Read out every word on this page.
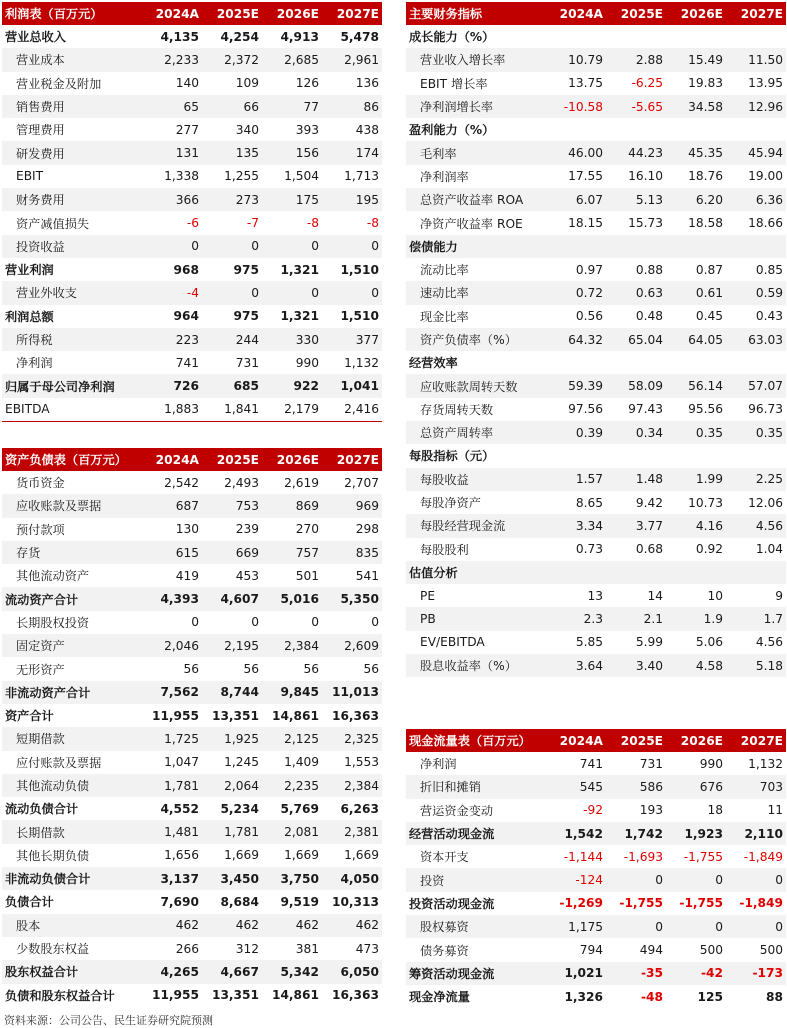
利润表（百万元）	2024A	2025E	2026E	2027E
营业总收入	4,135	4,254	4,913	5,478
营业成本	2,233	2,372	2,685	2,961
营业税金及附加	140	109	126	136
销售费用	65	66	77	86
管理费用	277	340	393	438
研发费用	131	135	156	174
EBIT	1,338	1,255	1,504	1,713
财务费用	366	273	175	195
资产减值损失	-6	-7	-8	-8
投资收益	0	0	0	0
营业利润	968	975	1,321	1,510
营业外收支	-4	0	0	0
利润总额	964	975	1,321	1,510
所得税	223	244	330	377
净利润	741	731	990	1,132
归属于母公司净利润	726	685	922	1,041
EBITDA	1,883	1,841	2,179	2,416
主要财务指标	2024A	2025E	2026E	2027E
成长能力（%）				
营业收入增长率	10.79	2.88	15.49	11.50
EBIT 增长率	13.75	-6.25	19.83	13.95
净利润增长率	-10.58	-5.65	34.58	12.96
盈利能力（%）				
毛利率	46.00	44.23	45.35	45.94
净利润率	17.55	16.10	18.76	19.00
总资产收益率 ROA	6.07	5.13	6.20	6.36
净资产收益率 ROE	18.15	15.73	18.58	18.66
偿债能力				
流动比率	0.97	0.88	0.87	0.85
速动比率	0.72	0.63	0.61	0.59
现金比率	0.56	0.48	0.45	0.43
资产负债率（%）	64.32	65.04	64.05	63.03
经营效率				
应收账款周转天数	59.39	58.09	56.14	57.07
存货周转天数	97.56	97.43	95.56	96.73
总资产周转率	0.39	0.34	0.35	0.35
每股指标（元）				
每股收益	1.57	1.48	1.99	2.25
每股净资产	8.65	9.42	10.73	12.06
每股经营现金流	3.34	3.77	4.16	4.56
每股股利	0.73	0.68	0.92	1.04
估值分析				
PE	13	14	10	9
PB	2.3	2.1	1.9	1.7
EV/EBITDA	5.85	5.99	5.06	4.56
股息收益率（%）	3.64	3.40	4.58	5.18
资产负债表（百万元）	2024A	2025E	2026E	2027E
货币资金	2,542	2,493	2,619	2,707
应收账款及票据	687	753	869	969
预付款项	130	239	270	298
存货	615	669	757	835
其他流动资产	419	453	501	541
流动资产合计	4,393	4,607	5,016	5,350
长期股权投资	0	0	0	0
固定资产	2,046	2,195	2,384	2,609
无形资产	56	56	56	56
非流动资产合计	7,562	8,744	9,845	11,013
资产合计	11,955	13,351	14,861	16,363
短期借款	1,725	1,925	2,125	2,325
应付账款及票据	1,047	1,245	1,409	1,553
其他流动负债	1,781	2,064	2,235	2,384
流动负债合计	4,552	5,234	5,769	6,263
长期借款	1,481	1,781	2,081	2,381
其他长期负债	1,656	1,669	1,669	1,669
非流动负债合计	3,137	3,450	3,750	4,050
负债合计	7,690	8,684	9,519	10,313
股本	462	462	462	462
少数股东权益	266	312	381	473
股东权益合计	4,265	4,667	5,342	6,050
负债和股东权益合计	11,955	13,351	14,861	16,363
现金流量表（百万元）	2024A	2025E	2026E	2027E
净利润	741	731	990	1,132
折旧和摊销	545	586	676	703
营运资金变动	-92	193	18	11
经营活动现金流	1,542	1,742	1,923	2,110
资本开支	-1,144	-1,693	-1,755	-1,849
投资	-124	0	0	0
投资活动现金流	-1,269	-1,755	-1,755	-1,849
股权募资	1,175	0	0	0
债务募资	794	494	500	500
筹资活动现金流	1,021	-35	-42	-173
现金净流量	1,326	-48	125	88
资料来源：公司公告、民生证券研究院预测
